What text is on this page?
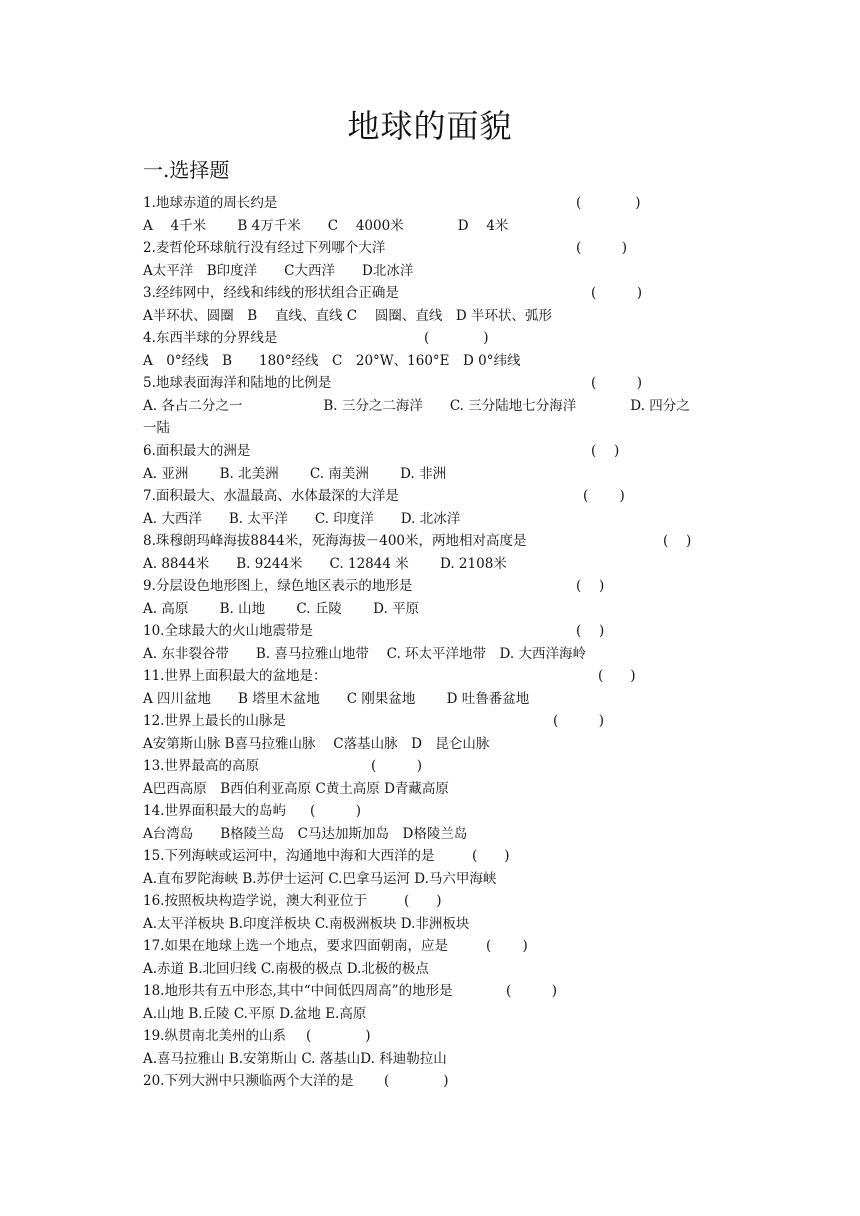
地球的面貌
一.选择题
1.地球赤道的周长约是	(　　　　)
A　 4千米　　 B 4万千米　　C　 4000米　　　　D　 4米
2.麦哲伦环球航行没有经过下列哪个大洋	(　　　)
A太平洋　B印度洋　　C大西洋　　D北冰洋
3.经纬网中，经线和纬线的形状组合正确是	(　　　)
A半环状、圆圈　B　 直线、直线 C　 圆圈、直线　D 半环状、弧形
4.东西半球的分界线是	(　　　　)
A　0°经线　B　　180°经线　C　20°W、160°E　D 0°纬线
5.地球表面海洋和陆地的比例是	(　　　)
A. 各占二分之一　　　　　　B. 三分之二海洋　　C. 三分陆地七分海洋　　　　D. 四分之
一陆
6.面积最大的洲是	(　 )
A. 亚洲　　 B. 北美洲　　 C. 南美洲　　 D. 非洲
7.面积最大、水温最高、水体最深的大洋是	(　　 )
A. 大西洋　　B. 太平洋　　C. 印度洋　　D. 北冰洋
8.珠穆朗玛峰海拔8844米，死海海拔－400米，两地相对高度是	(　 )
A. 8844米　　B. 9244米　　C. 12844 米　　 D. 2108米
9.分层设色地形图上，绿色地区表示的地形是	(　 )
A. 高原　　 B. 山地　　 C. 丘陵　　 D. 平原
10.全球最大的火山地震带是	(　 )
A. 东非裂谷带　　B. 喜马拉雅山地带　 C. 环太平洋地带　D. 大西洋海岭
11.世界上面积最大的盆地是：	(　　)
A 四川盆地　　B 塔里木盆地　　C 刚果盆地　　 D 吐鲁番盆地
12.世界上最长的山脉是	(　　　)
A安第斯山脉 B喜马拉雅山脉　 C落基山脉　D　昆仑山脉
13.世界最高的高原	(　　　)
A巴西高原　B西伯利亚高原 C黄土高原 D青藏高原
14.世界面积最大的岛屿 (　　　)
A台湾岛　　B格陵兰岛　C马达加斯加岛　D格陵兰岛
15.下列海峡或运河中，沟通地中海和大西洋的是	(　　)
A.直布罗陀海峡 B.苏伊士运河 C.巴拿马运河 D.马六甲海峡
16.按照板块构造学说，澳大利亚位于	(　　)
A.太平洋板块 B.印度洋板块 C.南极洲板块 D.非洲板块
17.如果在地球上选一个地点，要求四面朝南，应是	(　　 )
A.赤道 B.北回归线 C.南极的极点 D.北极的极点
18.地形共有五中形态,其中“中间低四周高”的地形是	(　　　)
A.山地 B.丘陵 C.平原 D.盆地 E.高原
19.纵贯南北美州的山系 (　　　　)
A.喜马拉雅山 B.安第斯山 C. 落基山D. 科迪勒拉山
20.下列大洲中只濒临两个大洋的是 (　　　　)
